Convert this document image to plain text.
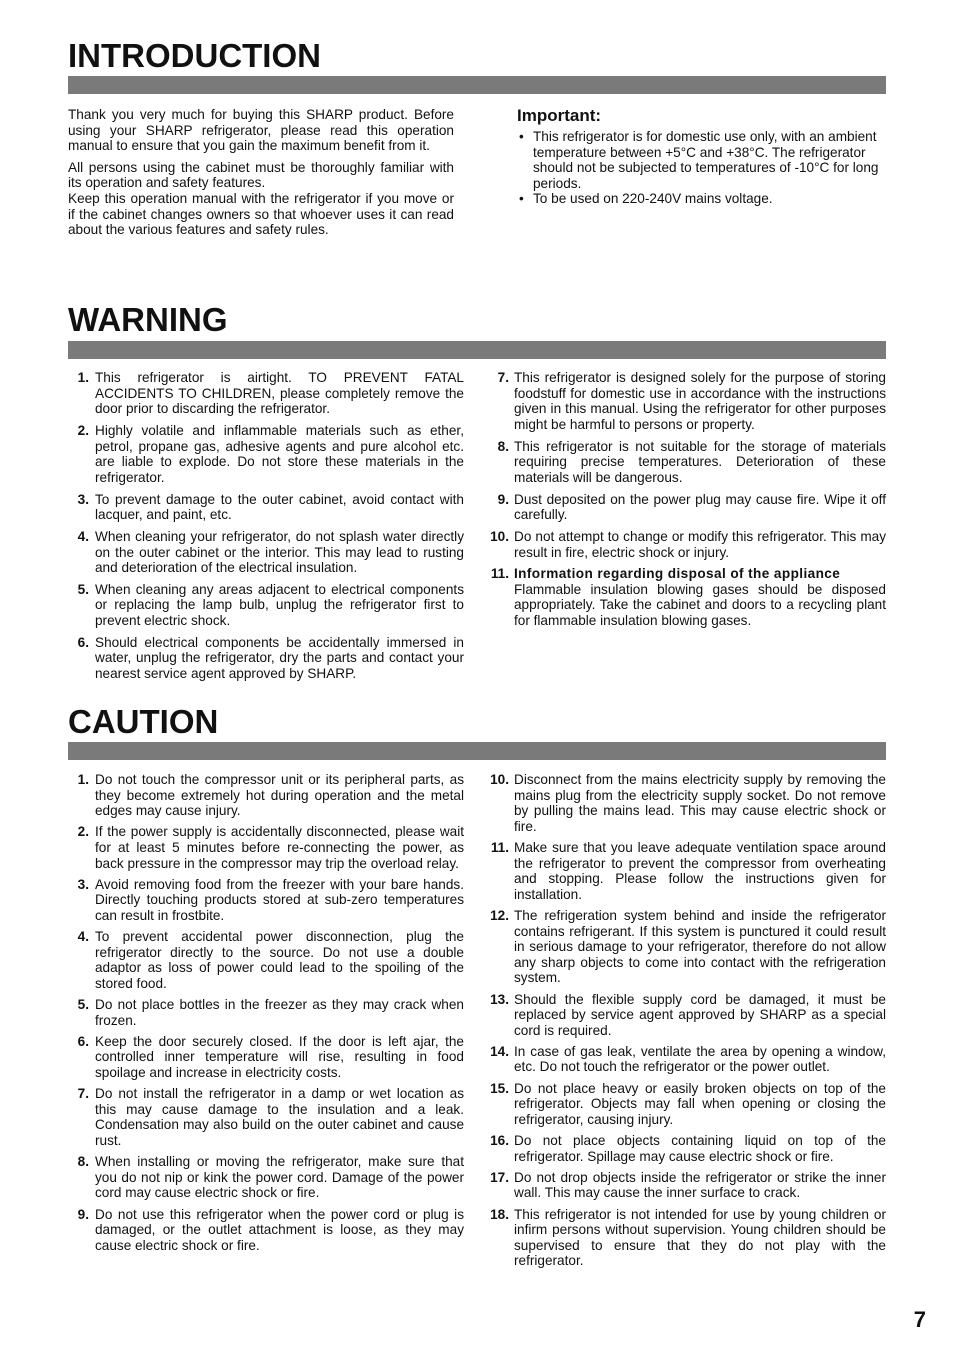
INTRODUCTION

Thank you very much for buying this SHARP product. Before using your SHARP refrigerator, please read this operation manual to ensure that you gain the maximum benefit from it.

All persons using the cabinet must be thoroughly familiar with its operation and safety features.

Keep this operation manual with the refrigerator if you move or if the cabinet changes owners so that whoever uses it can read about the various features and safety rules.

Important:
• This refrigerator is for domestic use only, with an ambient temperature between +5°C and +38°C. The refrigerator should not be subjected to temperatures of -10°C for long periods.
• To be used on 220-240V mains voltage.
WARNING
1. This refrigerator is airtight. TO PREVENT FATAL ACCIDENTS TO CHILDREN, please completely remove the door prior to discarding the refrigerator.
2. Highly volatile and inflammable materials such as ether, petrol, propane gas, adhesive agents and pure alcohol etc. are liable to explode. Do not store these materials in the refrigerator.
3. To prevent damage to the outer cabinet, avoid contact with lacquer, and paint, etc.
4. When cleaning your refrigerator, do not splash water directly on the outer cabinet or the interior. This may lead to rusting and deterioration of the electrical insulation.
5. When cleaning any areas adjacent to electrical components or replacing the lamp bulb, unplug the refrigerator first to prevent electric shock.
6. Should electrical components be accidentally immersed in water, unplug the refrigerator, dry the parts and contact your nearest service agent approved by SHARP.
7. This refrigerator is designed solely for the purpose of storing foodstuff for domestic use in accordance with the instructions given in this manual. Using the refrigerator for other purposes might be harmful to persons or property.
8. This refrigerator is not suitable for the storage of materials requiring precise temperatures. Deterioration of these materials will be dangerous.
9. Dust deposited on the power plug may cause fire. Wipe it off carefully.
10. Do not attempt to change or modify this refrigerator. This may result in fire, electric shock or injury.
11. Information regarding disposal of the appliance
Flammable insulation blowing gases should be disposed appropriately. Take the cabinet and doors to a recycling plant for flammable insulation blowing gases.
CAUTION
1. Do not touch the compressor unit or its peripheral parts, as they become extremely hot during operation and the metal edges may cause injury.
2. If the power supply is accidentally disconnected, please wait for at least 5 minutes before re-connecting the power, as back pressure in the compressor may trip the overload relay.
3. Avoid removing food from the freezer with your bare hands. Directly touching products stored at sub-zero temperatures can result in frostbite.
4. To prevent accidental power disconnection, plug the refrigerator directly to the source. Do not use a double adaptor as loss of power could lead to the spoiling of the stored food.
5. Do not place bottles in the freezer as they may crack when frozen.
6. Keep the door securely closed. If the door is left ajar, the controlled inner temperature will rise, resulting in food spoilage and increase in electricity costs.
7. Do not install the refrigerator in a damp or wet location as this may cause damage to the insulation and a leak. Condensation may also build on the outer cabinet and cause rust.
8. When installing or moving the refrigerator, make sure that you do not nip or kink the power cord. Damage of the power cord may cause electric shock or fire.
9. Do not use this refrigerator when the power cord or plug is damaged, or the outlet attachment is loose, as they may cause electric shock or fire.
10. Disconnect from the mains electricity supply by removing the mains plug from the electricity supply socket. Do not remove by pulling the mains lead. This may cause electric shock or fire.
11. Make sure that you leave adequate ventilation space around the refrigerator to prevent the compressor from overheating and stopping. Please follow the instructions given for installation.
12. The refrigeration system behind and inside the refrigerator contains refrigerant. If this system is punctured it could result in serious damage to your refrigerator, therefore do not allow any sharp objects to come into contact with the refrigeration system.
13. Should the flexible supply cord be damaged, it must be replaced by service agent approved by SHARP as a special cord is required.
14. In case of gas leak, ventilate the area by opening a window, etc. Do not touch the refrigerator or the power outlet.
15. Do not place heavy or easily broken objects on top of the refrigerator. Objects may fall when opening or closing the refrigerator, causing injury.
16. Do not place objects containing liquid on top of the refrigerator. Spillage may cause electric shock or fire.
17. Do not drop objects inside the refrigerator or strike the inner wall. This may cause the inner surface to crack.
18. This refrigerator is not intended for use by young children or infirm persons without supervision. Young children should be supervised to ensure that they do not play with the refrigerator.
7
